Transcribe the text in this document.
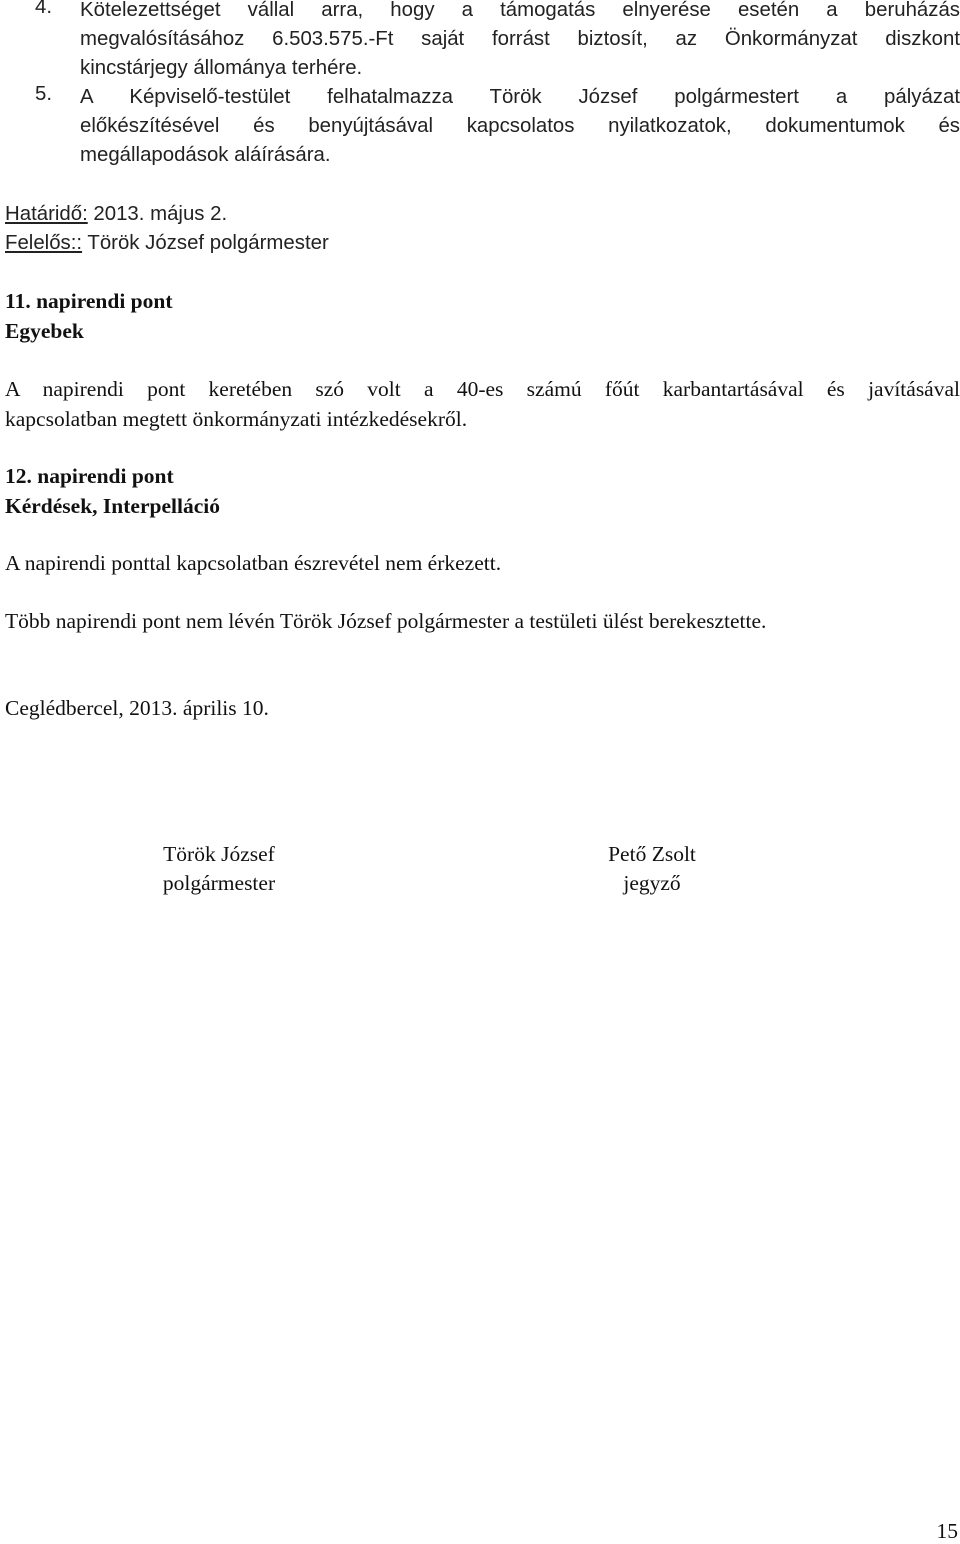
4. Kötelezettséget vállal arra, hogy a támogatás elnyerése esetén a beruházás
megvalósításához 6.503.575.-Ft saját forrást biztosít, az Önkormányzat diszkont
kincstárjegy állománya terhére.
5. A Képviselő-testület felhatalmazza Török József polgármestert a pályázat
előkészítésével és benyújtásával kapcsolatos nyilatkozatok, dokumentumok és
megállapodások aláírására.
Határidő: 2013. május 2.
Felelős:: Török József polgármester
11. napirendi pont
Egyebek
A napirendi pont keretében szó volt a 40-es számú főút karbantartásával és javításával
kapcsolatban megtett önkormányzati intézkedésekről.
12. napirendi pont
Kérdések, Interpelláció
A napirendi ponttal kapcsolatban észrevétel nem érkezett.
Több napirendi pont nem lévén Török József polgármester a testületi ülést berekesztette.
Ceglédbercel, 2013. április 10.
Török József
polgármester
Pető Zsolt
jegyző
15
